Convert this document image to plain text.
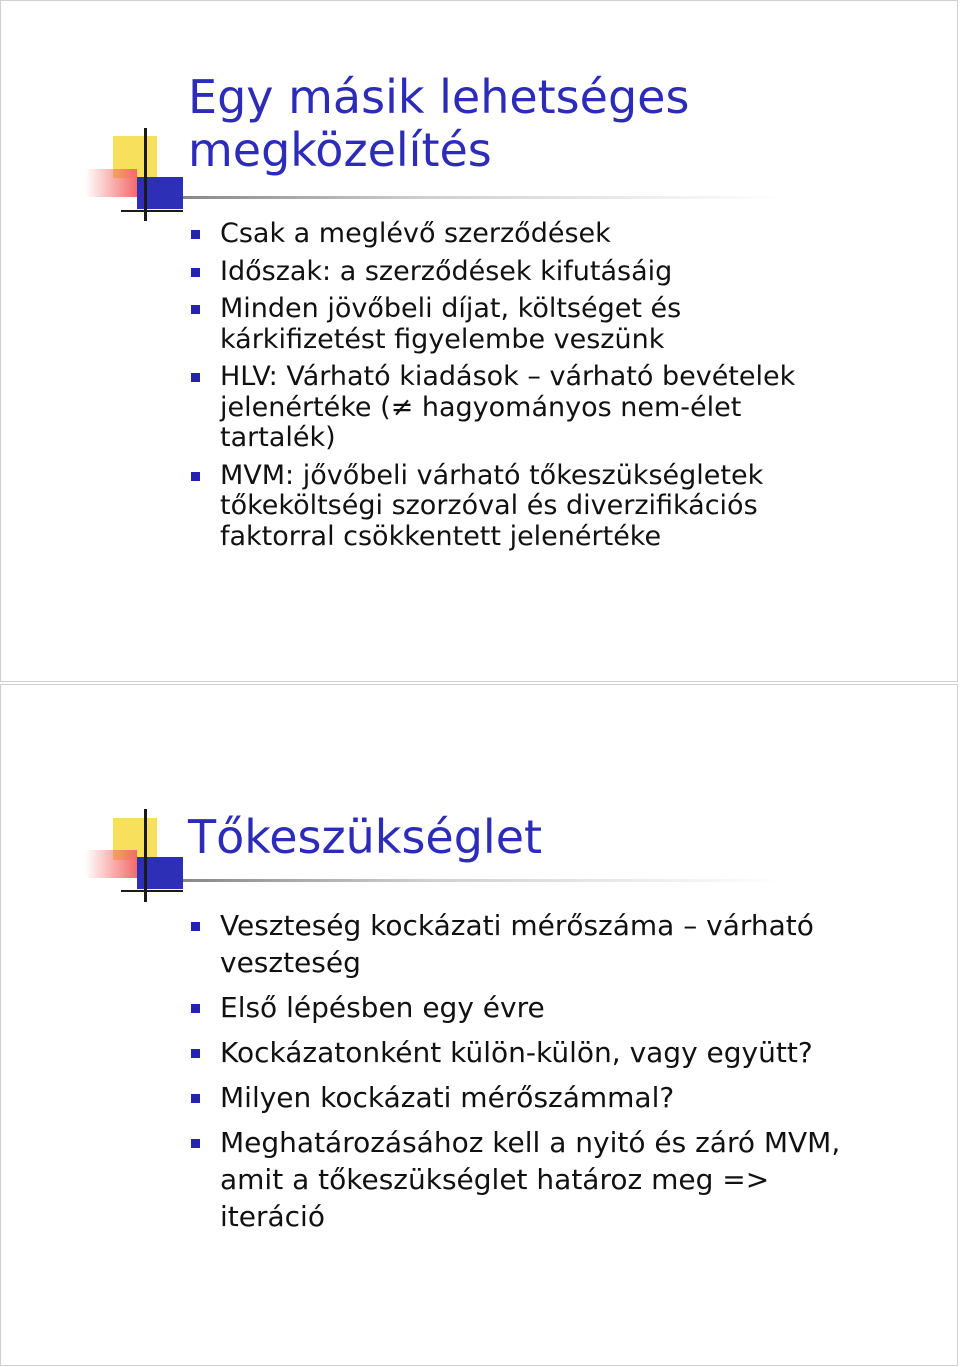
Egy másik lehetséges
megközelítés
Csak a meglévő szerződések
Időszak: a szerződések kifutásáig
Minden jövőbeli díjat, költséget és kárkifizetést figyelembe veszünk
HLV: Várható kiadások – várható bevételek jelenértéke (≠ hagyományos nem-élet tartalék)
MVM: jővőbeli várható tőkeszükségletek tőkeköltségi szorzóval és diverzifikációs faktorral csökkentett jelenértéke
Tőkeszükséglet
Veszteség kockázati mérőszáma – várható veszteség
Első lépésben egy évre
Kockázatonként külön-külön, vagy együtt?
Milyen kockázati mérőszámmal?
Meghatározásához kell a nyitó és záró MVM, amit a tőkeszükséglet határoz meg => iteráció
